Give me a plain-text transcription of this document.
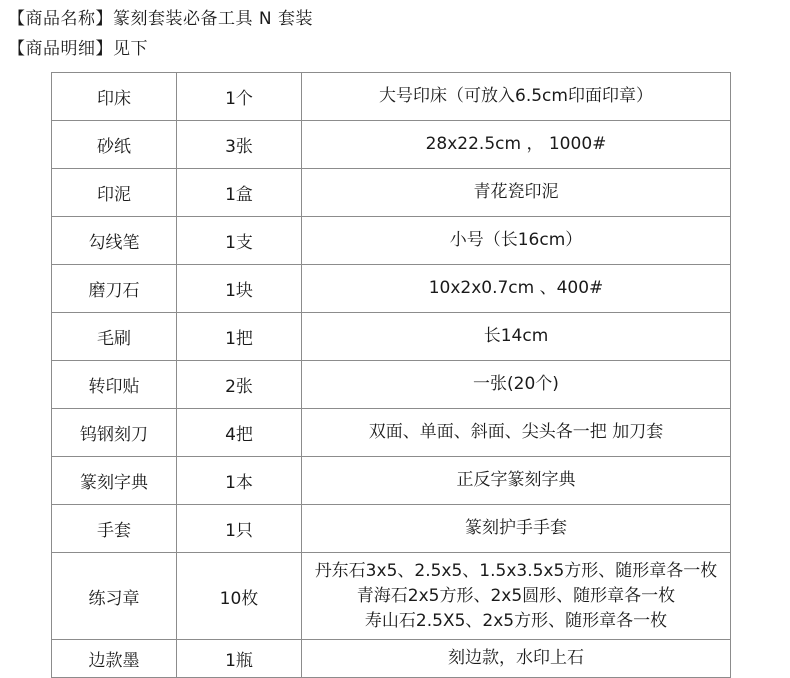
【商品名称】篆刻套装必备工具 N 套装
【商品明细】见下
印床	1个	大号印床（可放入6.5cm印面印章）

砂纸	3张	28x22.5cm ， 1000#

印泥	1盒	青花瓷印泥

勾线笔	1支	小号（长16cm）

磨刀石	1块	10x2x0.7cm 、400#

毛刷	1把	长14cm

转印贴	2张	一张(20个)

钨钢刻刀	4把	双面、单面、斜面、尖头各一把 加刀套

篆刻字典	1本	正反字篆刻字典

手套	1只	篆刻护手手套

练习章	10枚	丹东石3x5、2.5x5、1.5x3.5x5方形、随形章各一枚
青海石2x5方形、2x5圆形、随形章各一枚
寿山石2.5X5、2x5方形、随形章各一枚

边款墨	1瓶	刻边款，水印上石
